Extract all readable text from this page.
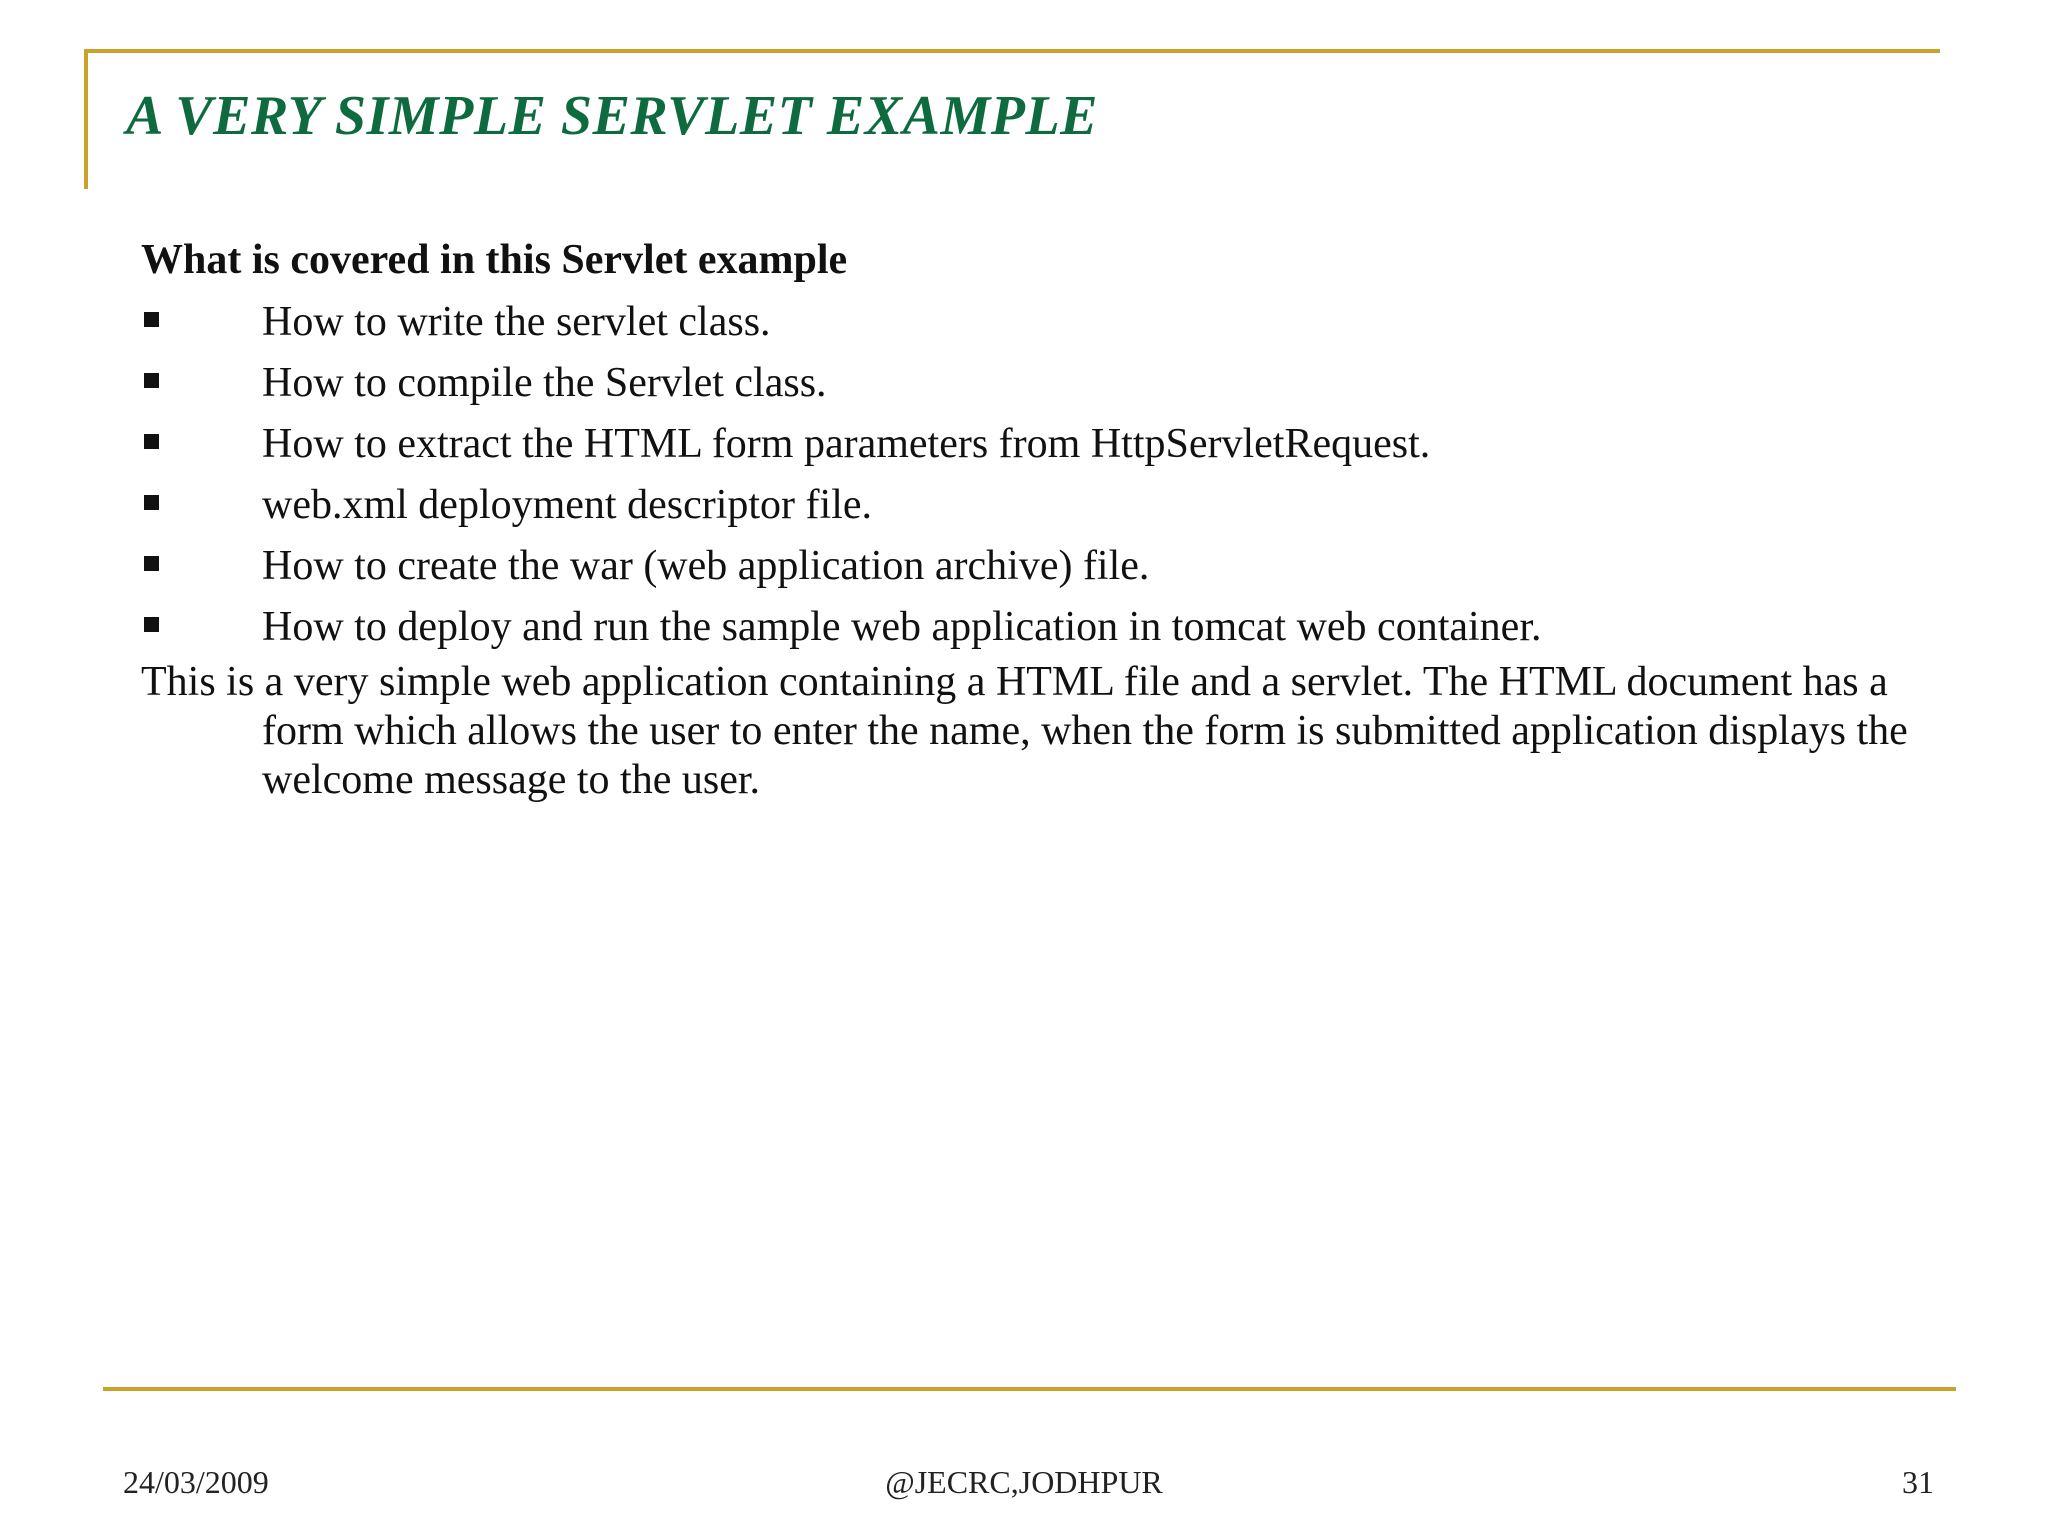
A VERY SIMPLE SERVLET EXAMPLE

What is covered in this Servlet example

How to write the servlet class.
How to compile the Servlet class.
How to extract the HTML form parameters from HttpServletRequest.
web.xml deployment descriptor file.
How to create the war (web application archive) file.
How to deploy and run the sample web application in tomcat web container.

This is a very simple web application containing a HTML file and a servlet. The HTML document has a form which allows the user to enter the name, when the form is submitted application displays the welcome message to the user.

24/03/2009	@JECRC,JODHPUR	31
